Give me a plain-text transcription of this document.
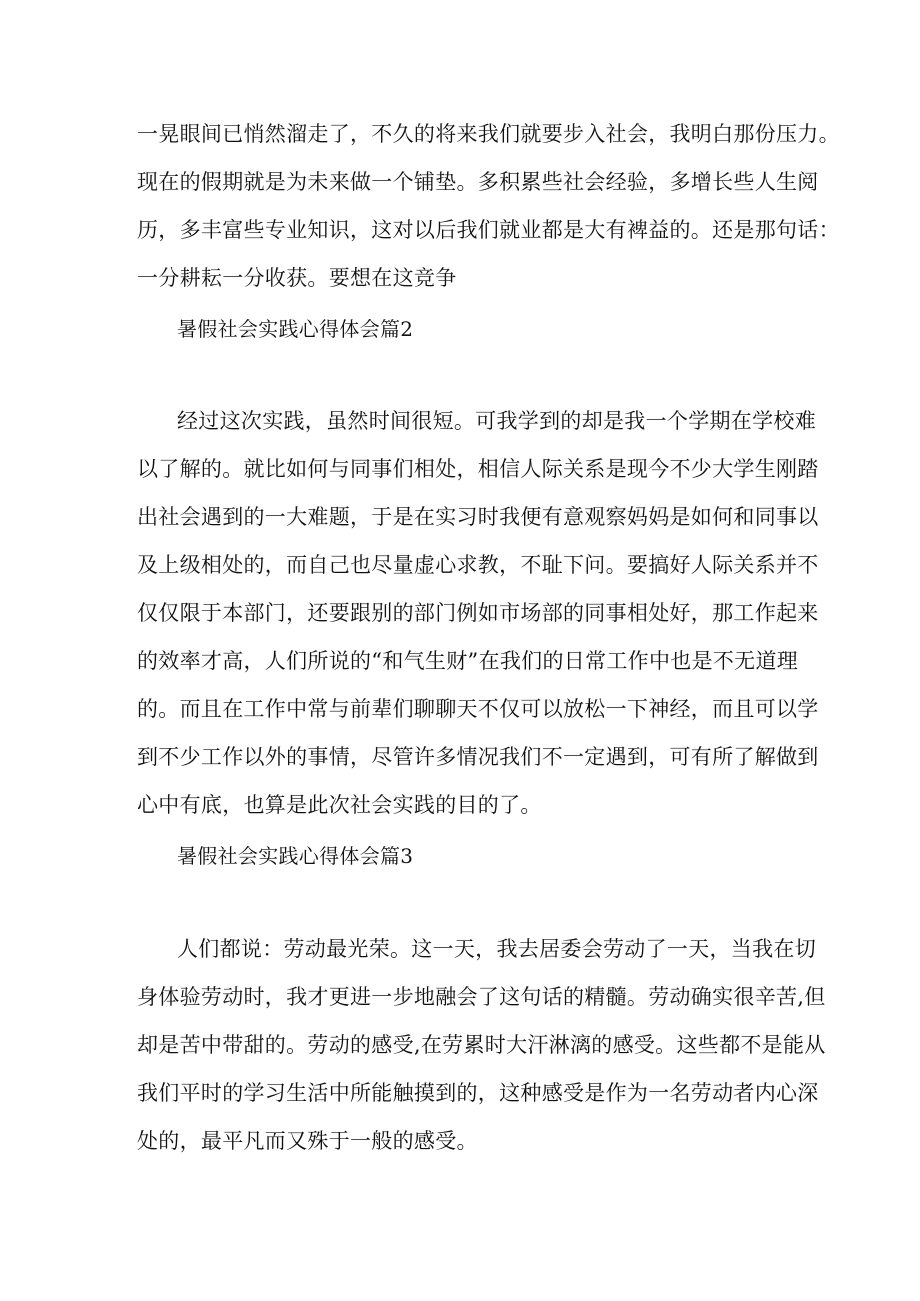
一晃眼间已悄然溜走了，不久的将来我们就要步入社会，我明白那份压力。
现在的假期就是为未来做一个铺垫。多积累些社会经验，多增长些人生阅
历，多丰富些专业知识，这对以后我们就业都是大有裨益的。还是那句话：
一分耕耘一分收获。要想在这竞争
暑假社会实践心得体会篇2
经过这次实践，虽然时间很短。可我学到的却是我一个学期在学校难
以了解的。就比如何与同事们相处，相信人际关系是现今不少大学生刚踏
出社会遇到的一大难题，于是在实习时我便有意观察妈妈是如何和同事以
及上级相处的，而自己也尽量虚心求教，不耻下问。要搞好人际关系并不
仅仅限于本部门，还要跟别的部门例如市场部的同事相处好，那工作起来
的效率才高，人们所说的“和气生财”在我们的日常工作中也是不无道理
的。而且在工作中常与前辈们聊聊天不仅可以放松一下神经，而且可以学
到不少工作以外的事情，尽管许多情况我们不一定遇到，可有所了解做到
心中有底，也算是此次社会实践的目的了。
暑假社会实践心得体会篇3
人们都说：劳动最光荣。这一天，我去居委会劳动了一天，当我在切
身体验劳动时，我才更进一步地融会了这句话的精髓。劳动确实很辛苦,但
却是苦中带甜的。劳动的感受,在劳累时大汗淋漓的感受。这些都不是能从
我们平时的学习生活中所能触摸到的，这种感受是作为一名劳动者内心深
处的，最平凡而又殊于一般的感受。
